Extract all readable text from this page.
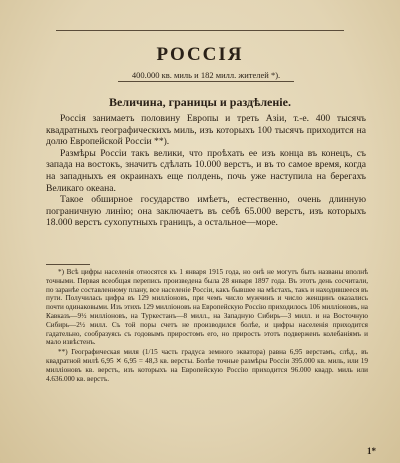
РОССІЯ
400.000 кв. миль и 182 милл. жителей *).
Величина, границы и раздѣленіе.

Россія занимаетъ половину Европы и треть Азіи, т.-е. 400 тысячъ квадратныхъ географическихъ миль, изъ которыхъ 100 тысячъ приходится на долю Европейской Россіи **).

Размѣры Россіи такъ велики, что проѣхать ее изъ конца въ конецъ, съ запада на востокъ, значитъ сдѣлать 10.000 верстъ, и въ то самое время, когда на западныхъ ея окраинахъ еще полдень, почь уже наступила на берегахъ Великаго океана.

Такое обширное государство имѣетъ, естественно, очень длинную пограничную линію; она заключаетъ въ себѣ 65.000 верстъ, изъ которыхъ 18.000 верстъ сухопутныхъ границъ, а остальное—море.

*) Всѣ цифры населенія относятся къ 1 января 1915 года, но онѣ не могутъ быть названы вполнѣ точными. Первая всеобщая перепись произведена была 28 января 1897 года. Въ этотъ день сосчитали, по заранѣе составленному плану, все населеніе Россіи, какъ бывшее на мѣстахъ, такъ и находившееся въ пути. Получилась цифра въ 129 милліоновъ, при чемъ число мужчинъ и число женщинъ оказались почти одинаковыми. Изъ этихъ 129 милліоновъ на Европейскую Россію приходилось 106 милліоновъ, на Кавказъ—9½ милліоновъ, на Туркестанъ—8 милл., на Западную Сибирь—3 милл. и на Восточную Сибирь—2½ милл. Съ той поры счетъ не производился болѣе, и цифры населенія приходится гадательно, сообразуясь съ годовымъ приростомъ его, но прирость этотъ подверженъ колебаніямъ и мало извѣстенъ.

**) Географическая миля (1/15 часть градуса земного экватора) равна 6,95 верстамъ, слѣд., въ квадратной милѣ 6,95 ✕ 6,95 = 48,3 кв. версты. Болѣе точные размѣры Россіи 395.000 кв. миль, или 19 милліоновъ кв. верстъ, изъ которыхъ на Европейскую Россію приходится 96.000 квадр. миль или 4.636.000 кв. верстъ.

1*
